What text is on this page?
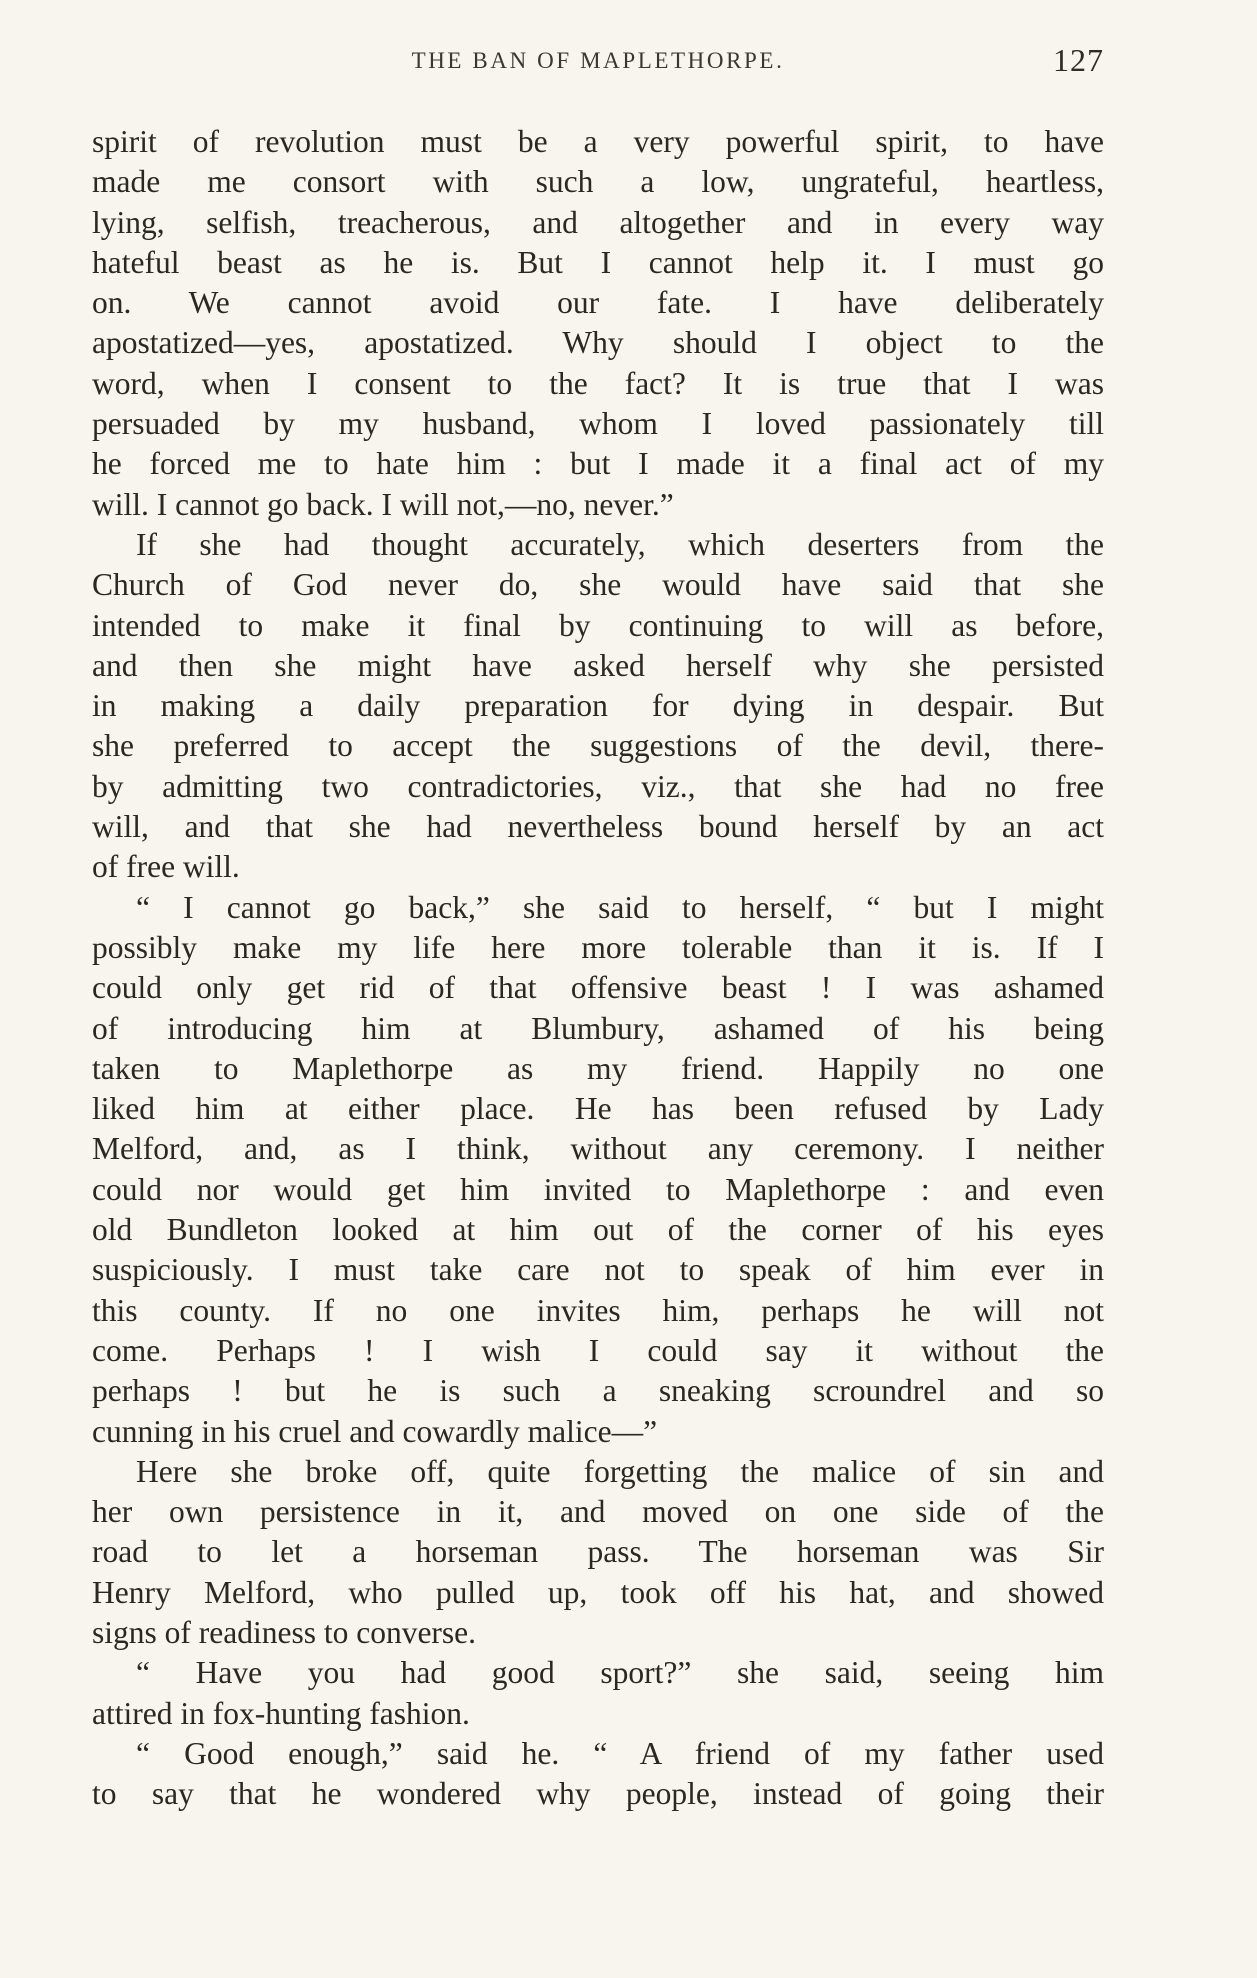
THE BAN OF MAPLETHORPE.	127
spirit of revolution must be a very powerful spirit, to have
made me consort with such a low, ungrateful, heartless,
lying, selfish, treacherous, and altogether and in every way
hateful beast as he is. But I cannot help it. I must go
on. We cannot avoid our fate. I have deliberately
apostatized—yes, apostatized. Why should I object to the
word, when I consent to the fact? It is true that I was
persuaded by my husband, whom I loved passionately till
he forced me to hate him : but I made it a final act of my
will. I cannot go back. I will not,—no, never.”
If she had thought accurately, which deserters from the
Church of God never do, she would have said that she
intended to make it final by continuing to will as before,
and then she might have asked herself why she persisted
in making a daily preparation for dying in despair. But
she preferred to accept the suggestions of the devil, there-
by admitting two contradictories, viz., that she had no free
will, and that she had nevertheless bound herself by an act
of free will.
“ I cannot go back,” she said to herself, “ but I might
possibly make my life here more tolerable than it is. If I
could only get rid of that offensive beast ! I was ashamed
of introducing him at Blumbury, ashamed of his being
taken to Maplethorpe as my friend. Happily no one
liked him at either place. He has been refused by Lady
Melford, and, as I think, without any ceremony. I neither
could nor would get him invited to Maplethorpe : and even
old Bundleton looked at him out of the corner of his eyes
suspiciously. I must take care not to speak of him ever in
this county. If no one invites him, perhaps he will not
come. Perhaps ! I wish I could say it without the
perhaps ! but he is such a sneaking scroundrel and so
cunning in his cruel and cowardly malice—”
Here she broke off, quite forgetting the malice of sin and
her own persistence in it, and moved on one side of the
road to let a horseman pass. The horseman was Sir
Henry Melford, who pulled up, took off his hat, and showed
signs of readiness to converse.
“ Have you had good sport?” she said, seeing him
attired in fox-hunting fashion.
“ Good enough,” said he. “ A friend of my father used
to say that he wondered why people, instead of going their
